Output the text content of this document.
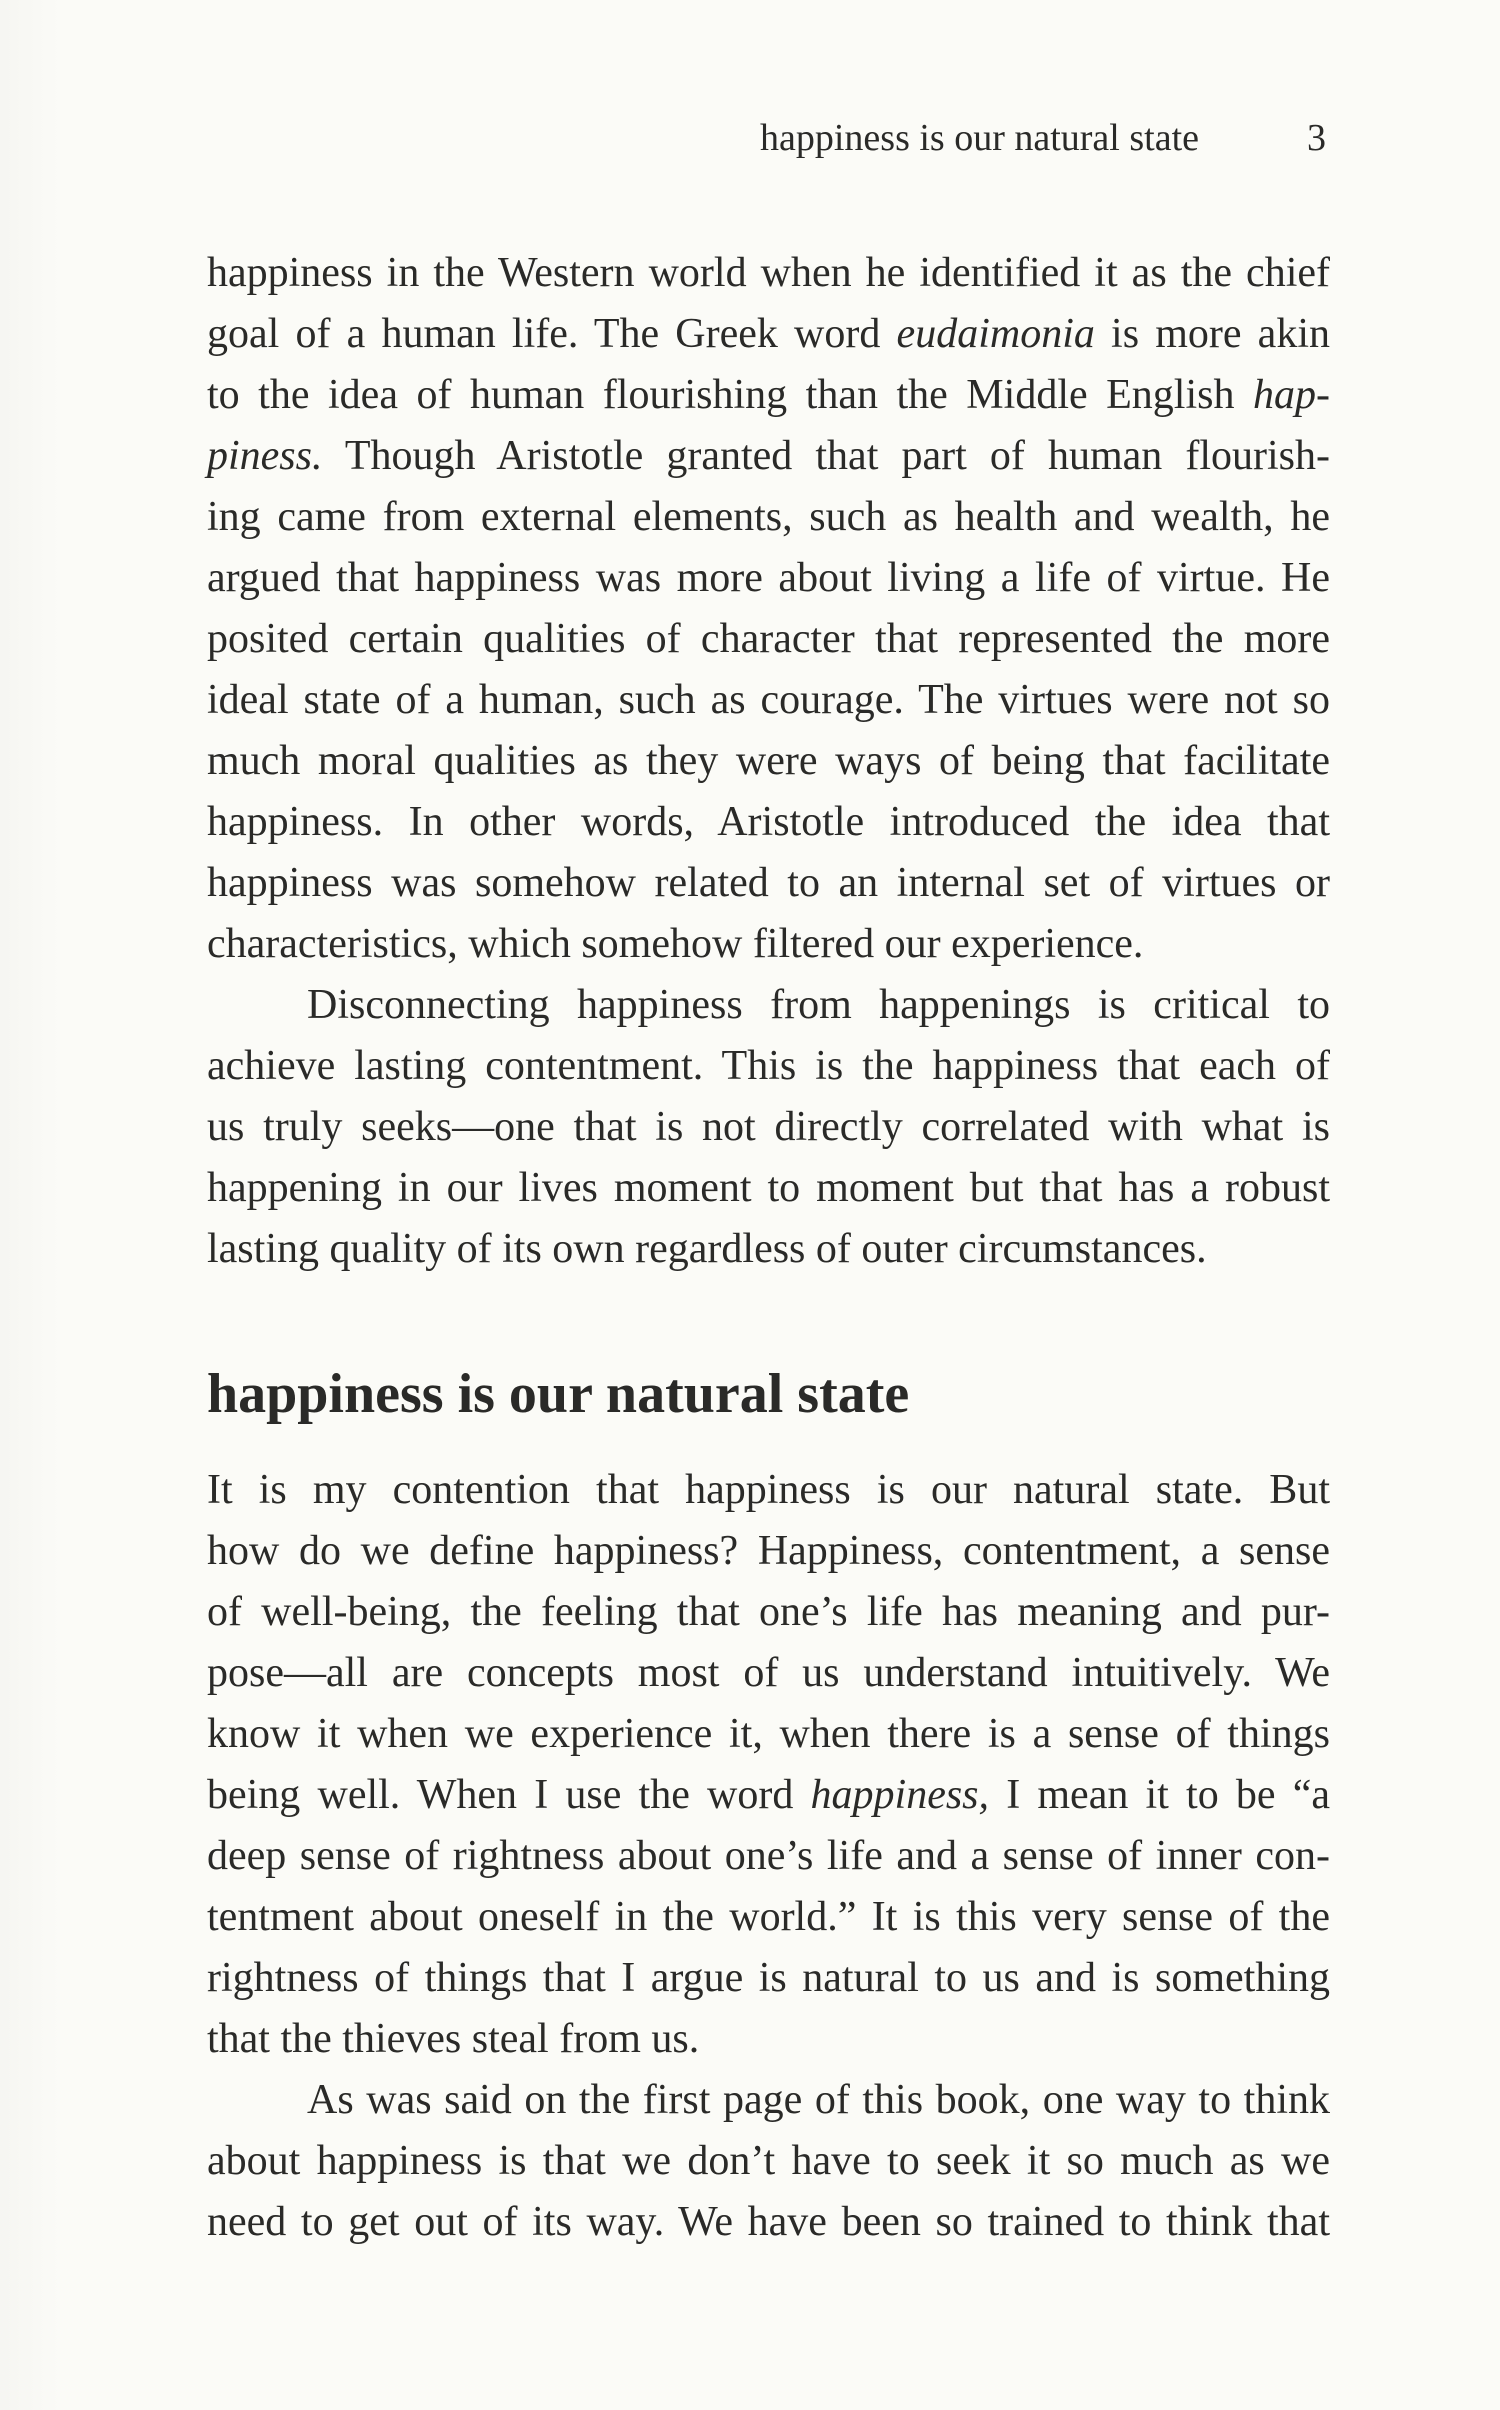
happiness is our natural state	3
happiness in the Western world when he identified it as the chief
goal of a human life. The Greek word eudaimonia is more akin
to the idea of human flourishing than the Middle English hap-
piness. Though Aristotle granted that part of human flourish-
ing came from external elements, such as health and wealth, he
argued that happiness was more about living a life of virtue. He
posited certain qualities of character that represented the more
ideal state of a human, such as courage. The virtues were not so
much moral qualities as they were ways of being that facilitate
happiness. In other words, Aristotle introduced the idea that
happiness was somehow related to an internal set of virtues or
characteristics, which somehow filtered our experience.
Disconnecting happiness from happenings is critical to
achieve lasting contentment. This is the happiness that each of
us truly seeks—one that is not directly correlated with what is
happening in our lives moment to moment but that has a robust
lasting quality of its own regardless of outer circumstances.
happiness is our natural state
It is my contention that happiness is our natural state. But
how do we define happiness? Happiness, contentment, a sense
of well-being, the feeling that one’s life has meaning and pur-
pose—all are concepts most of us understand intuitively. We
know it when we experience it, when there is a sense of things
being well. When I use the word happiness, I mean it to be “a
deep sense of rightness about one’s life and a sense of inner con-
tentment about oneself in the world.” It is this very sense of the
rightness of things that I argue is natural to us and is something
that the thieves steal from us.
As was said on the first page of this book, one way to think
about happiness is that we don’t have to seek it so much as we
need to get out of its way. We have been so trained to think that
